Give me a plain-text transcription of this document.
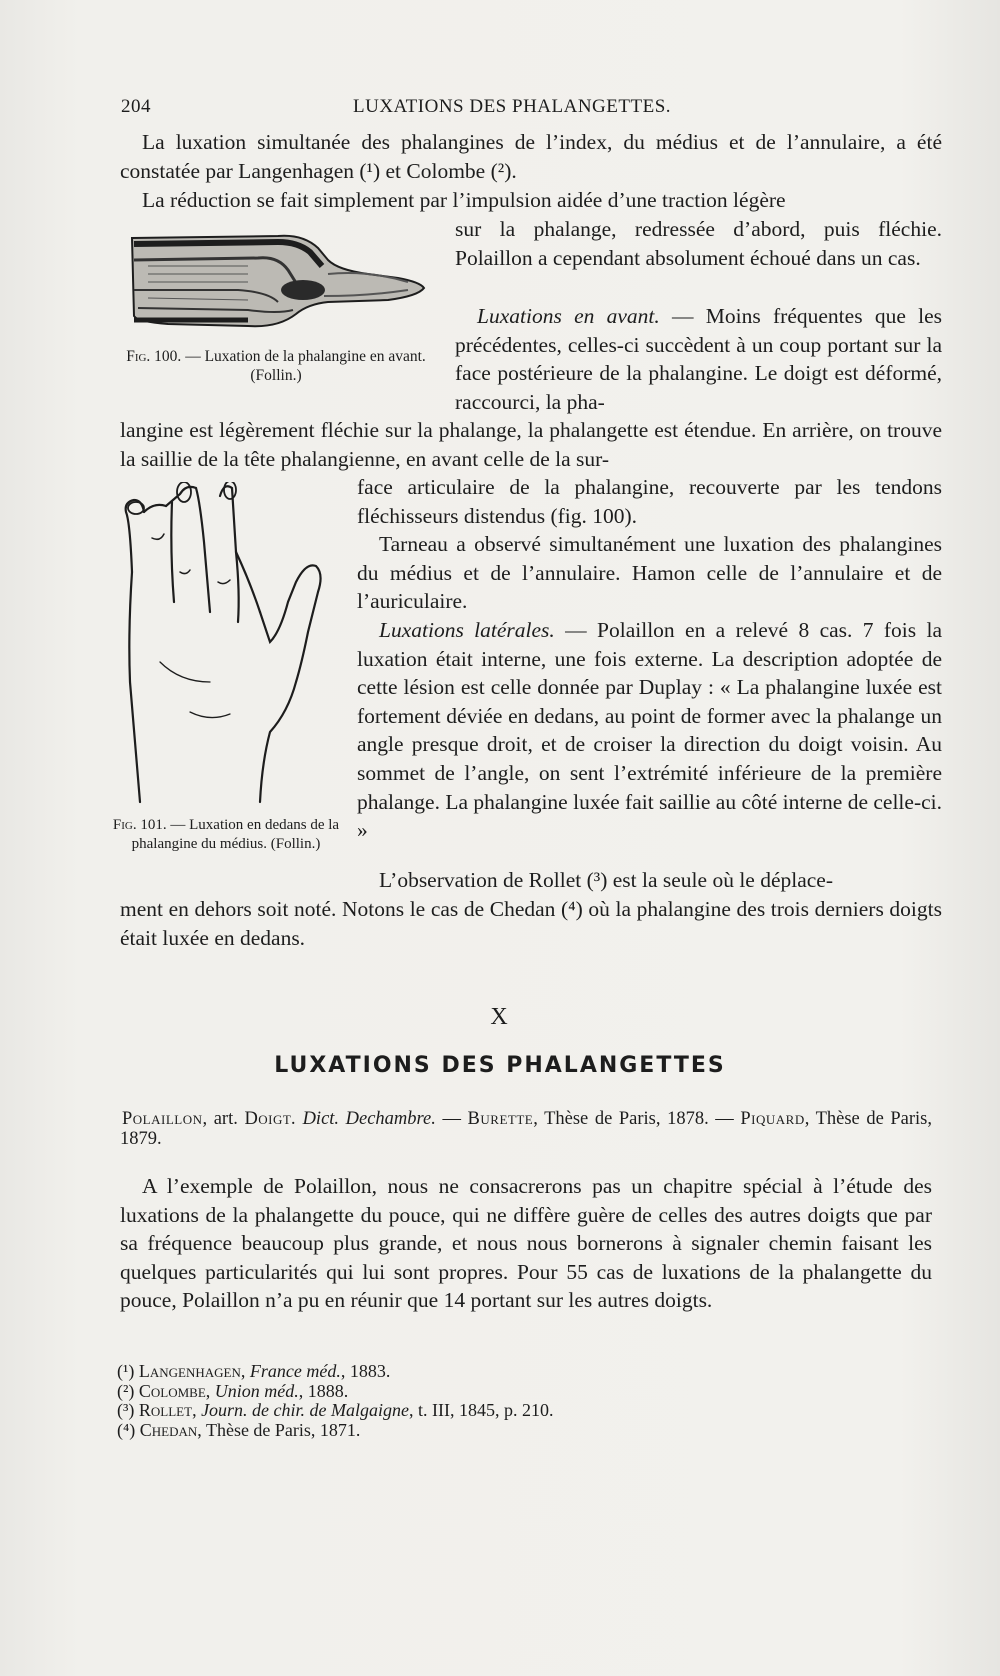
204	LUXATIONS DES PHALANGETTES.
La luxation simultanée des phalangines de l’index, du médius et de l’annulaire, a été constatée par Langenhagen (¹) et Colombe (²).
La réduction se fait simplement par l’impulsion aidée d’une traction légère
sur la phalange, redressée d’abord, puis fléchie. Polaillon a cependant absolument échoué dans un cas.
Fig. 100. — Luxation de la phalangine en avant. (Follin.)
Luxations en avant. — Moins fréquentes que les précédentes, celles-ci succèdent à un coup portant sur la face postérieure de la phalangine. Le doigt est déformé, raccourci, la pha-
langine est légèrement fléchie sur la phalange, la phalangette est étendue. En arrière, on trouve la saillie de la tête phalangienne, en avant celle de la sur-
face articulaire de la phalangine, recouverte par les tendons fléchisseurs distendus (fig. 100).
Fig. 101. — Luxation en dedans de la phalangine du médius. (Follin.)
Tarneau a observé simultanément une luxation des phalangines du médius et de l’annulaire. Hamon celle de l’annulaire et de l’auriculaire.
Luxations latérales. — Polaillon en a relevé 8 cas. 7 fois la luxation était interne, une fois externe. La description adoptée de cette lésion est celle donnée par Duplay : « La phalangine luxée est fortement déviée en dedans, au point de former avec la phalange un angle presque droit, et de croiser la direction du doigt voisin. Au sommet de l’angle, on sent l’extrémité inférieure de la première phalange. La phalangine luxée fait saillie au côté interne de celle-ci. »
L’observation de Rollet (³) est la seule où le déplace-
ment en dehors soit noté. Notons le cas de Chedan (⁴) où la phalangine des trois derniers doigts était luxée en dedans.
X
LUXATIONS DES PHALANGETTES
Polaillon, art. Doigt. Dict. Dechambre. — Burette, Thèse de Paris, 1878. — Piquard, Thèse de Paris, 1879.
A l’exemple de Polaillon, nous ne consacrerons pas un chapitre spécial à l’étude des luxations de la phalangette du pouce, qui ne diffère guère de celles des autres doigts que par sa fréquence beaucoup plus grande, et nous nous bornerons à signaler chemin faisant les quelques particularités qui lui sont propres. Pour 55 cas de luxations de la phalangette du pouce, Polaillon n’a pu en réunir que 14 portant sur les autres doigts.
(¹) Langenhagen, France méd., 1883.
(²) Colombe, Union méd., 1888.
(³) Rollet, Journ. de chir. de Malgaigne, t. III, 1845, p. 210.
(⁴) Chedan, Thèse de Paris, 1871.
